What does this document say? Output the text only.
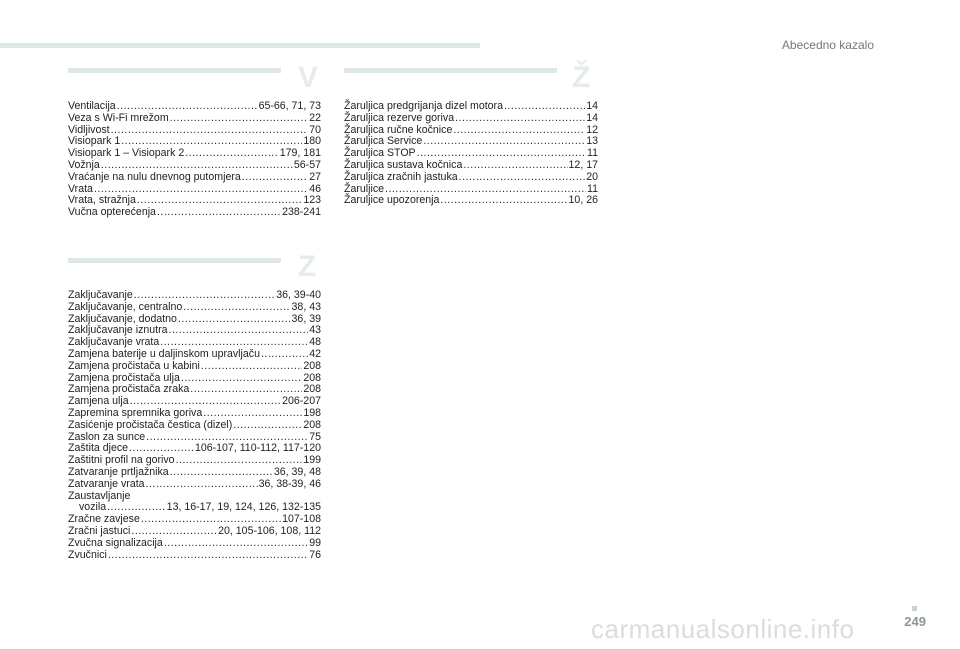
Abecedno kazalo
V
Ventilacija .....	65-66, 71, 73
Veza s Wi-Fi mrežom .....	22
Vidljivost .....	70
Visiopark 1 .....	180
Visiopark 1 – Visiopark 2 .....	179, 181
Vožnja .....	56-57
Vraćanje na nulu dnevnog putomjera .....	27
Vrata .....	46
Vrata, stražnja .....	123
Vučna opterećenja .....	238-241
Z
Zaključavanje .....	36, 39-40
Zaključavanje, centralno .....	38, 43
Zaključavanje, dodatno .....	36, 39
Zaključavanje iznutra .....	43
Zaključavanje vrata .....	48
Zamjena baterije u daljinskom upravljaču .....	42
Zamjena pročistača u kabini .....	208
Zamjena pročistača ulja .....	208
Zamjena pročistača zraka .....	208
Zamjena ulja .....	206-207
Zapremina spremnika goriva .....	198
Zasićenje pročistača čestica (dizel) .....	208
Zaslon za sunce .....	75
Zaštita djece .....	106-107, 110-112, 117-120
Zaštitni profil na gorivo .....	199
Zatvaranje prtljažnika .....	36, 39, 48
Zatvaranje vrata .....	36, 38-39, 46
Zaustavljanje
vozila .....	13, 16-17, 19, 124, 126, 132-135
Zračne zavjese .....	107-108
Zračni jastuci .....	20, 105-106, 108, 112
Zvučna signalizacija .....	99
Zvučnici .....	76
Ž
Žaruljica predgrijanja dizel motora .....	14
Žaruljica rezerve goriva .....	14
Žaruljica ručne kočnice .....	12
Žaruljica Service .....	13
Žaruljica STOP .....	11
Žaruljica sustava kočnica .....	12, 17
Žaruljica zračnih jastuka .....	20
Žaruljice .....	11
Žaruljice upozorenja .....	10, 26
249
carmanualsonline.info
